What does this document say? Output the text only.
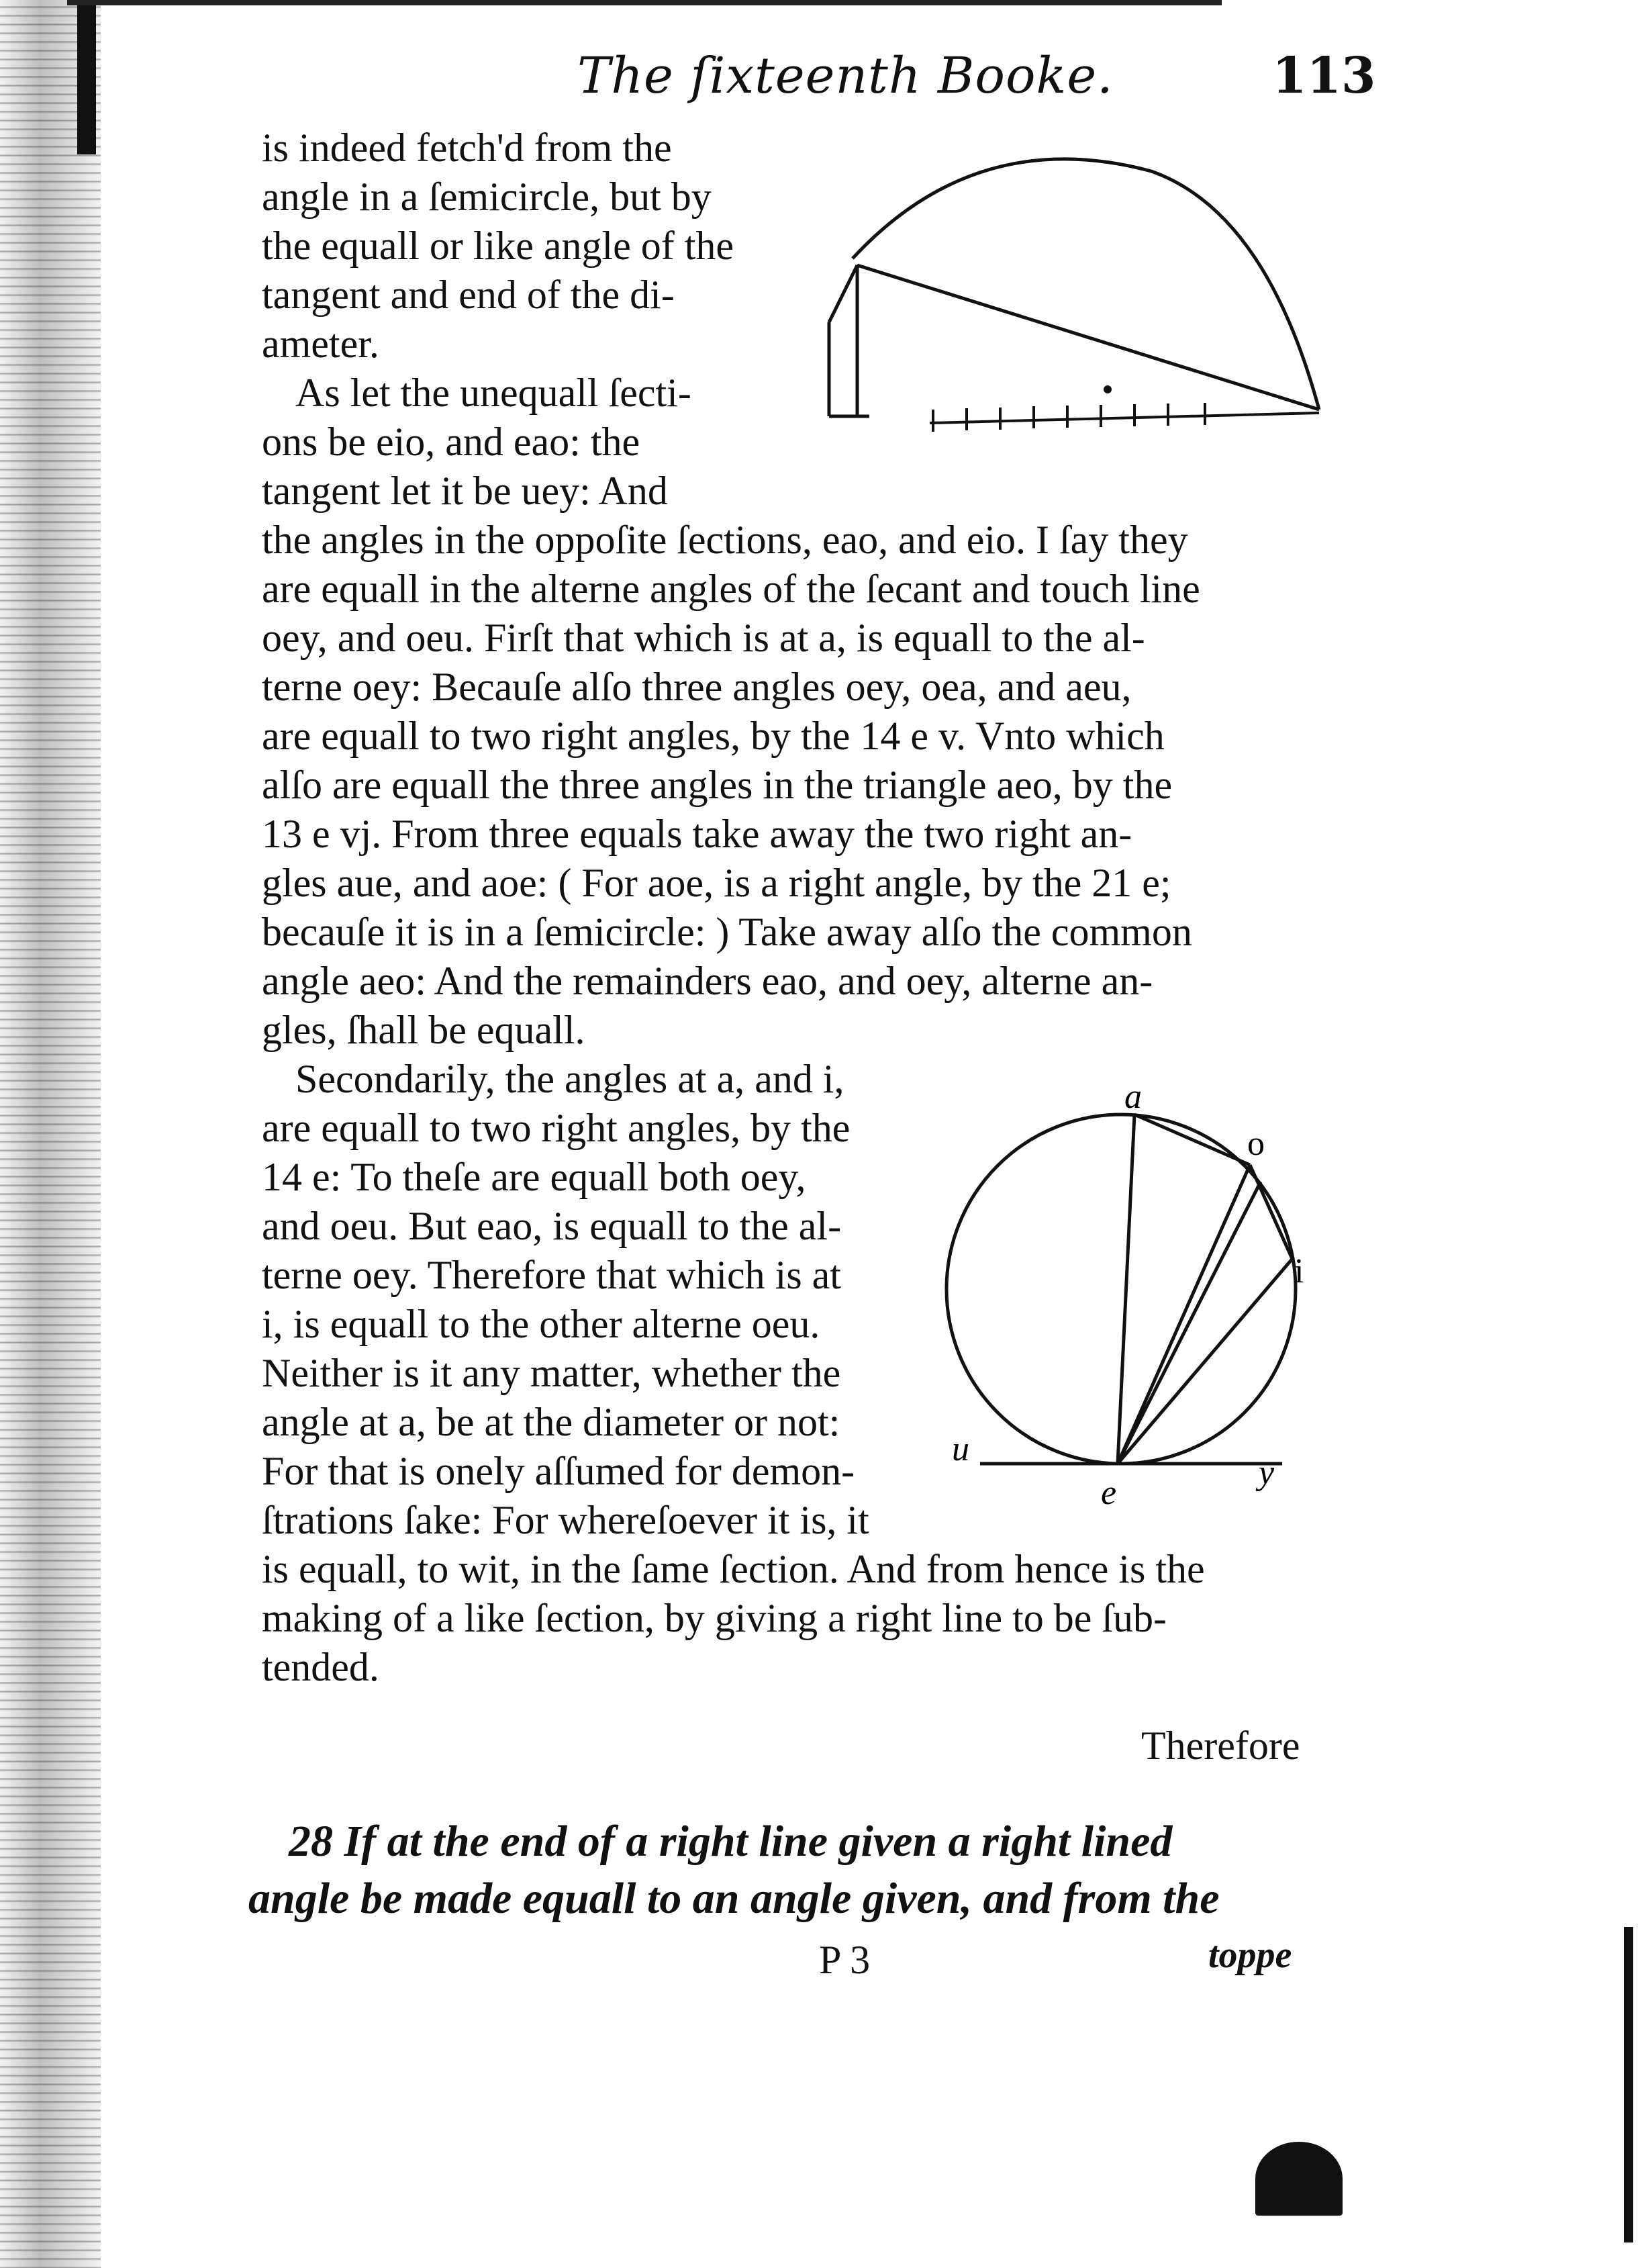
The ſixteenth Booke.	113
is indeed fetch'd from the
angle in a ſemicircle, but by
the equall or like angle of the
tangent and end of the di-
ameter.
As let the unequall ſecti-
ons be eio, and eao: the
tangent let it be uey: And
the angles in the oppoſite ſections, eao, and eio. I ſay they
are equall in the alterne angles of the ſecant and touch line
oey, and oeu. Firſt that which is at a, is equall to the al-
terne oey: Becauſe alſo three angles oey, oea, and aeu,
are equall to two right angles, by the 14 e v. Vnto which
alſo are equall the three angles in the triangle aeo, by the
13 e vj. From three equals take away the two right an-
gles aue, and aoe: ( For aoe, is a right angle, by the 21 e;
becauſe it is in a ſemicircle: ) Take away alſo the common
angle aeo: And the remainders eao, and oey, alterne an-
gles, ſhall be equall.
Secondarily, the angles at a, and i,
are equall to two right angles, by the
14 e: To theſe are equall both oey,
and oeu. But eao, is equall to the al-
terne oey. Therefore that which is at
i, is equall to the other alterne oeu.
Neither is it any matter, whether the
angle at a, be at the diameter or not:
For that is onely aſſumed for demon-
ſtrations ſake: For whereſoever it is, it
a
o
i
u
e
y
is equall, to wit, in the ſame ſection. And from hence is the
making of a like ſection, by giving a right line to be ſub-
tended.
Therefore
28 If at the end of a right line given a right lined
angle be made equall to an angle given, and from the
P 3	toppe
